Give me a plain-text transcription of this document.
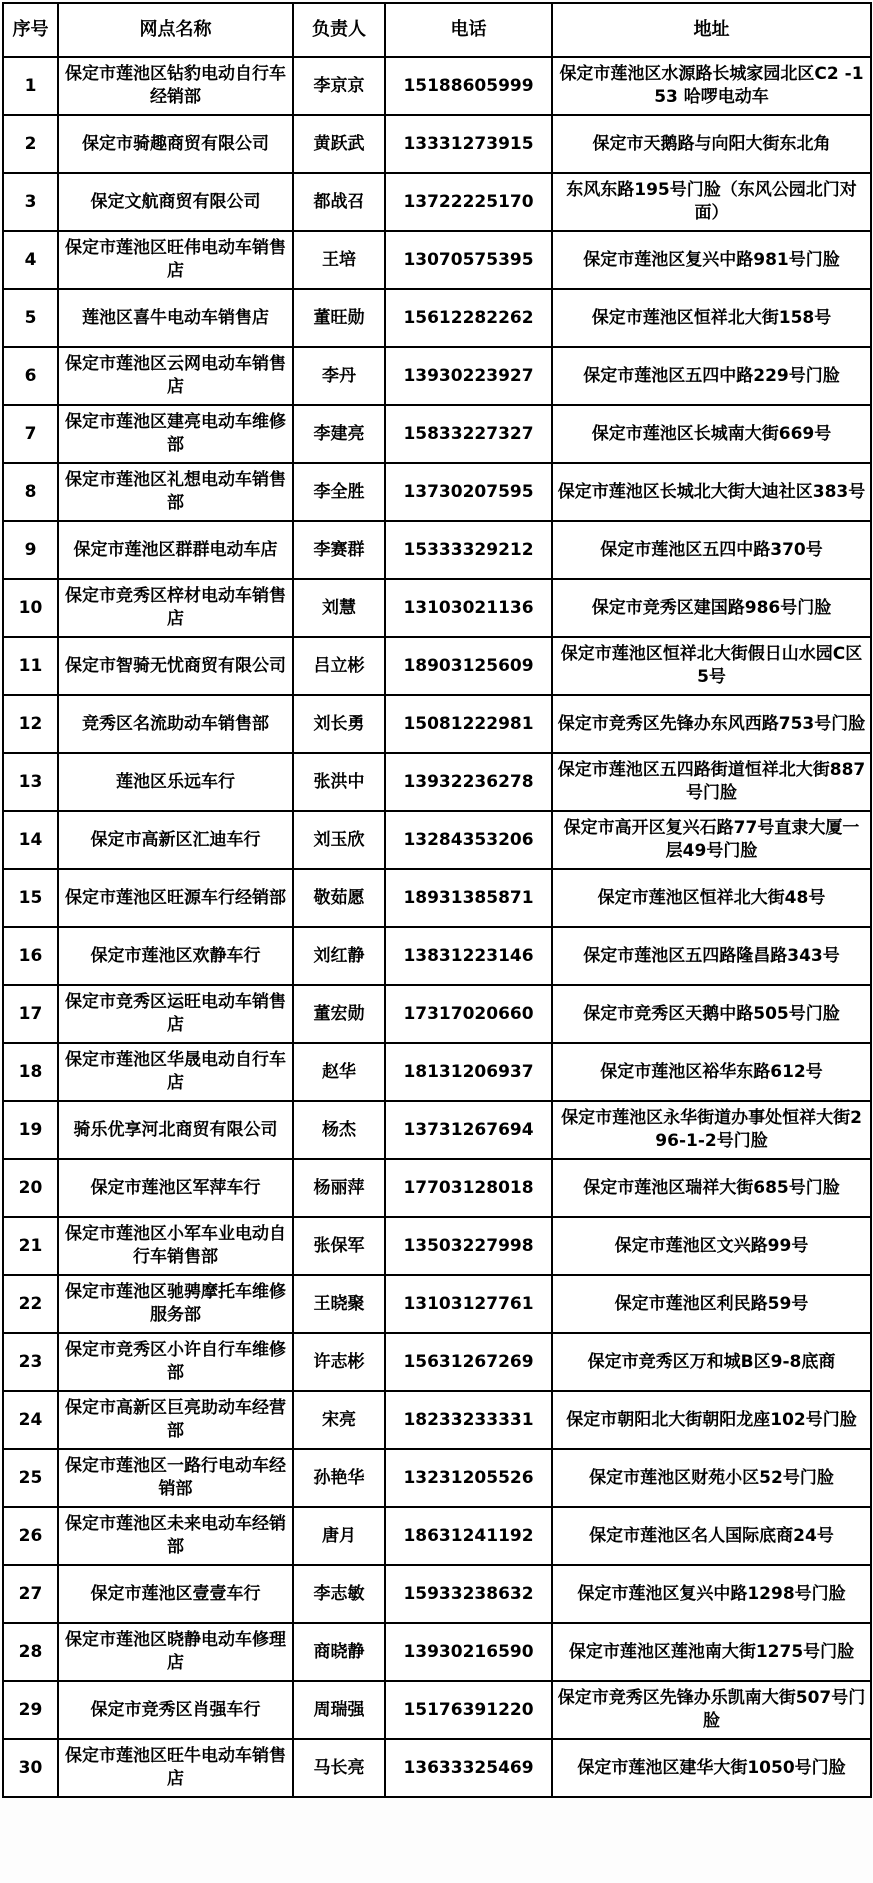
序号	网点名称	负责人	电话	地址
1	保定市莲池区钻豹电动自行车经销部	李京京	15188605999	保定市莲池区水源路长城家园北区C2 -153 哈啰电动车
2	保定市骑趣商贸有限公司	黄跃武	13331273915	保定市天鹅路与向阳大街东北角
3	保定文航商贸有限公司	都战召	13722225170	东风东路195号门脸（东风公园北门对面）
4	保定市莲池区旺伟电动车销售店	王培	13070575395	保定市莲池区复兴中路981号门脸
5	莲池区喜牛电动车销售店	董旺勋	15612282262	保定市莲池区恒祥北大街158号
6	保定市莲池区云网电动车销售店	李丹	13930223927	保定市莲池区五四中路229号门脸
7	保定市莲池区建亮电动车维修部	李建亮	15833227327	保定市莲池区长城南大街669号
8	保定市莲池区礼想电动车销售部	李全胜	13730207595	保定市莲池区长城北大街大迪社区383号
9	保定市莲池区群群电动车店	李赛群	15333329212	保定市莲池区五四中路370号
10	保定市竞秀区梓材电动车销售店	刘慧	13103021136	保定市竞秀区建国路986号门脸
11	保定市智骑无忧商贸有限公司	吕立彬	18903125609	保定市莲池区恒祥北大街假日山水园C区5号
12	竞秀区名流助动车销售部	刘长勇	15081222981	保定市竞秀区先锋办东风西路753号门脸
13	莲池区乐远车行	张洪中	13932236278	保定市莲池区五四路街道恒祥北大街887号门脸
14	保定市高新区汇迪车行	刘玉欣	13284353206	保定市高开区复兴石路77号直隶大厦一层49号门脸
15	保定市莲池区旺源车行经销部	敬茹愿	18931385871	保定市莲池区恒祥北大街48号
16	保定市莲池区欢静车行	刘红静	13831223146	保定市莲池区五四路隆昌路343号
17	保定市竞秀区运旺电动车销售店	董宏勋	17317020660	保定市竞秀区天鹅中路505号门脸
18	保定市莲池区华晟电动自行车店	赵华	18131206937	保定市莲池区裕华东路612号
19	骑乐优享河北商贸有限公司	杨杰	13731267694	保定市莲池区永华街道办事处恒祥大街296-1-2号门脸
20	保定市莲池区军萍车行	杨丽萍	17703128018	保定市莲池区瑞祥大街685号门脸
21	保定市莲池区小军车业电动自行车销售部	张保军	13503227998	保定市莲池区文兴路99号
22	保定市莲池区驰骋摩托车维修服务部	王晓聚	13103127761	保定市莲池区利民路59号
23	保定市竞秀区小许自行车维修部	许志彬	15631267269	保定市竞秀区万和城B区9-8底商
24	保定市高新区巨亮助动车经营部	宋亮	18233233331	保定市朝阳北大街朝阳龙座102号门脸
25	保定市莲池区一路行电动车经销部	孙艳华	13231205526	保定市莲池区财苑小区52号门脸
26	保定市莲池区未来电动车经销部	唐月	18631241192	保定市莲池区名人国际底商24号
27	保定市莲池区壹壹车行	李志敏	15933238632	保定市莲池区复兴中路1298号门脸
28	保定市莲池区晓静电动车修理店	商晓静	13930216590	保定市莲池区莲池南大街1275号门脸
29	保定市竞秀区肖强车行	周瑞强	15176391220	保定市竞秀区先锋办乐凯南大街507号门脸
30	保定市莲池区旺牛电动车销售店	马长亮	13633325469	保定市莲池区建华大街1050号门脸
